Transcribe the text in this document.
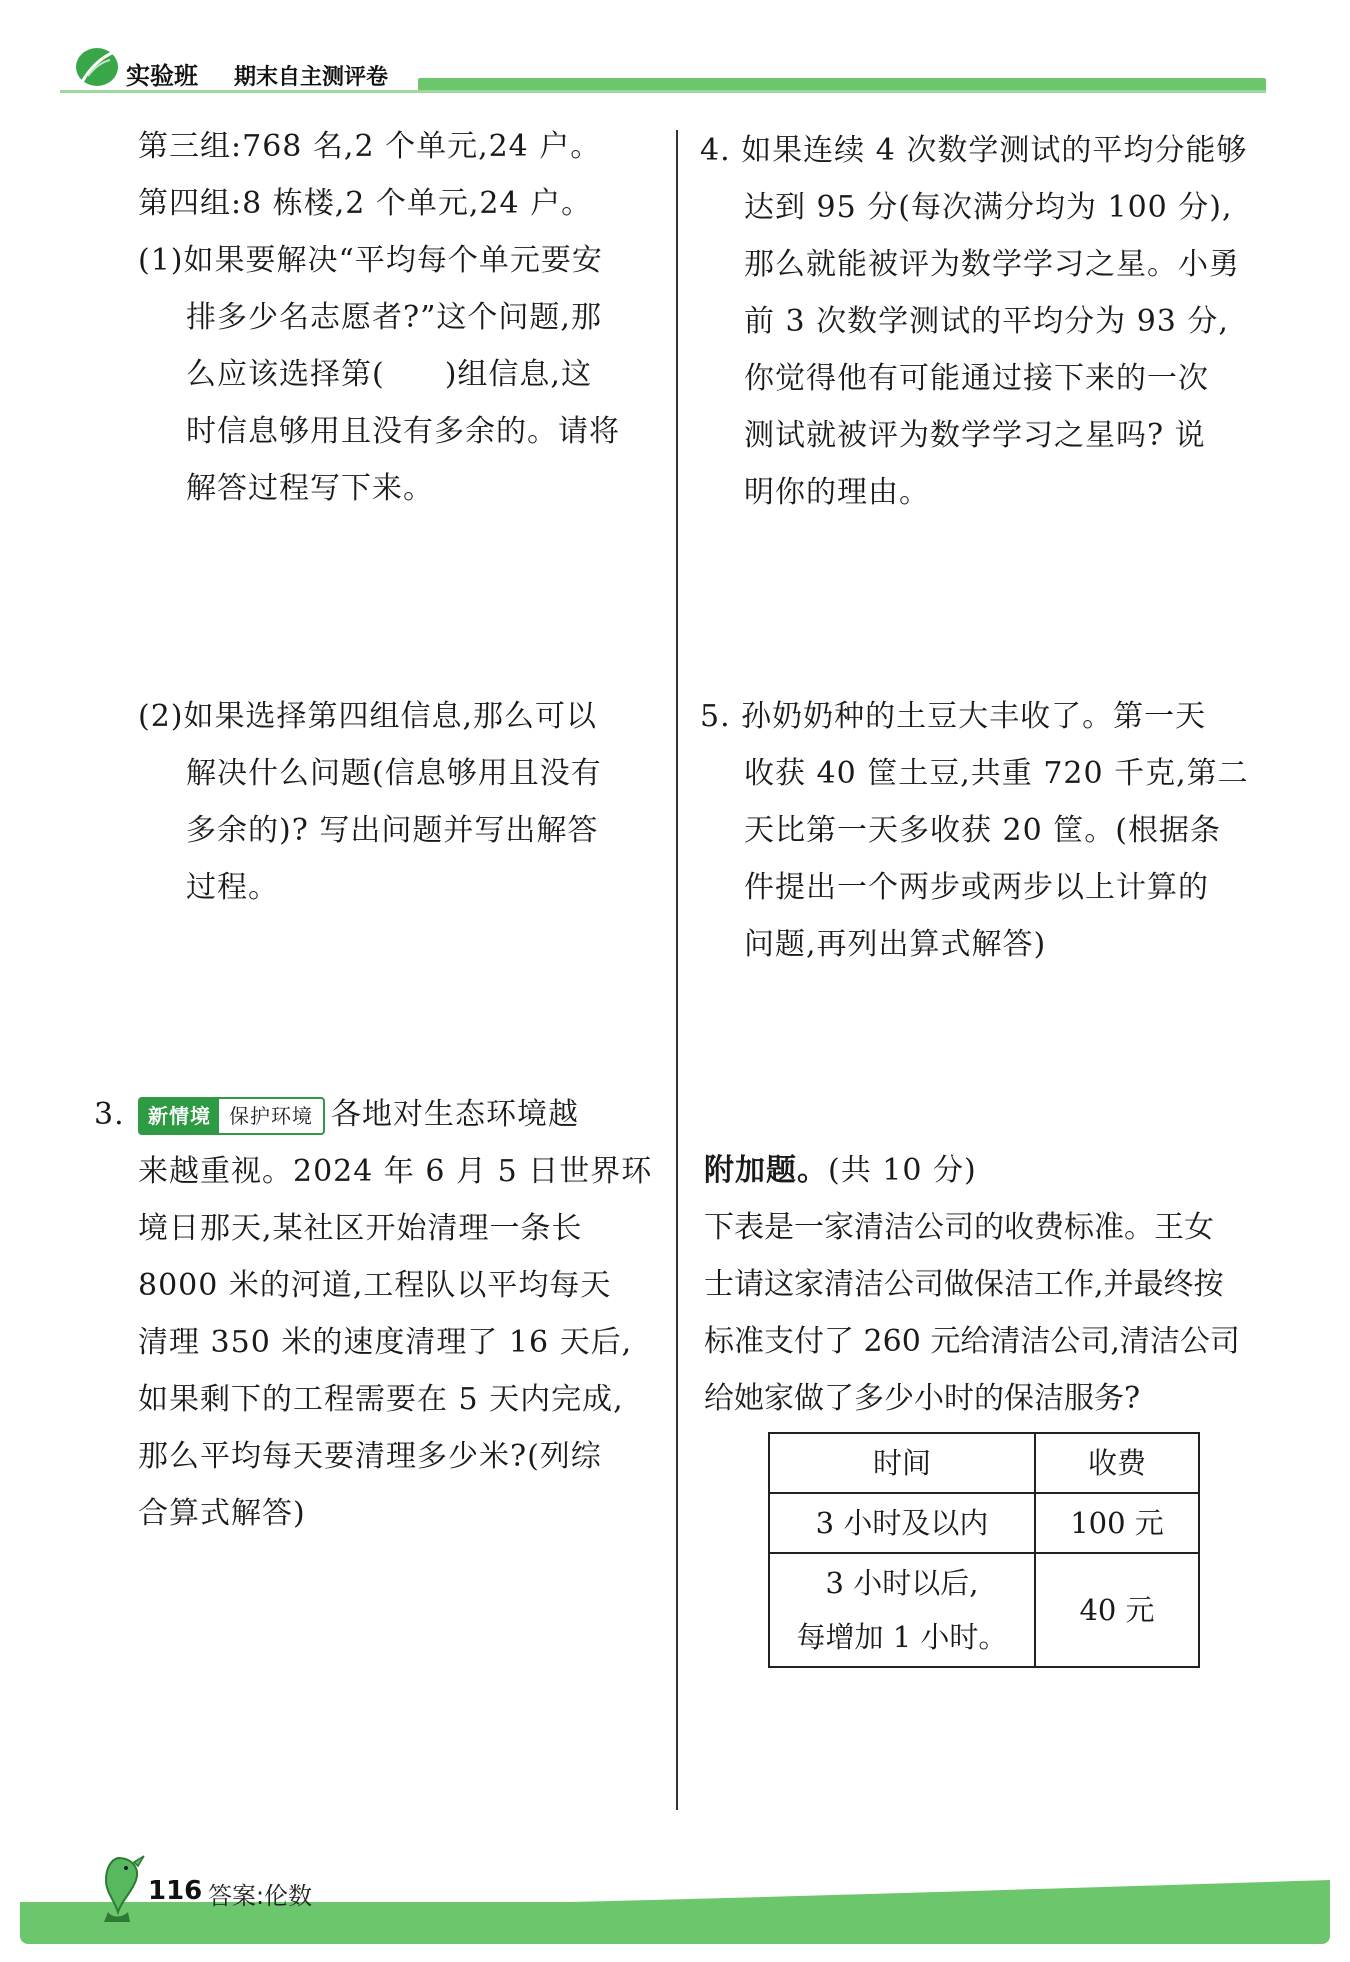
实验班 期末自主测评卷

第三组:768 名,2 个单元,24 户。

第四组:8 栋楼,2 个单元,24 户。

(1)如果要解决“平均每个单元要安

排多少名志愿者?”这个问题,那

么应该选择第( )组信息,这

时信息够用且没有多余的。请将

解答过程写下来。

(2)如果选择第四组信息,那么可以

解决什么问题(信息够用且没有

多余的)? 写出问题并写出解答

过程。

3.	新情境 保护环境 各地对生态环境越

来越重视。2024 年 6 月 5 日世界环

境日那天,某社区开始清理一条长

8000 米的河道,工程队以平均每天

清理 350 米的速度清理了 16 天后,

如果剩下的工程需要在 5 天内完成,

那么平均每天要清理多少米?(列综

合算式解答)

4. 如果连续 4 次数学测试的平均分能够

达到 95 分(每次满分均为 100 分),

那么就能被评为数学学习之星。小勇

前 3 次数学测试的平均分为 93 分,

你觉得他有可能通过接下来的一次

测试就被评为数学学习之星吗? 说

明你的理由。

5. 孙奶奶种的土豆大丰收了。第一天

收获 40 筐土豆,共重 720 千克,第二

天比第一天多收获 20 筐。(根据条

件提出一个两步或两步以上计算的

问题,再列出算式解答)

附加题。(共 10 分)

下表是一家清洁公司的收费标准。王女

士请这家清洁公司做保洁工作,并最终按

标准支付了 260 元给清洁公司,清洁公司

给她家做了多少小时的保洁服务?

时间	收费
3 小时及以内	100 元

3 小时以后,
每增加 1 小时。	40 元
116 答案:伦数
